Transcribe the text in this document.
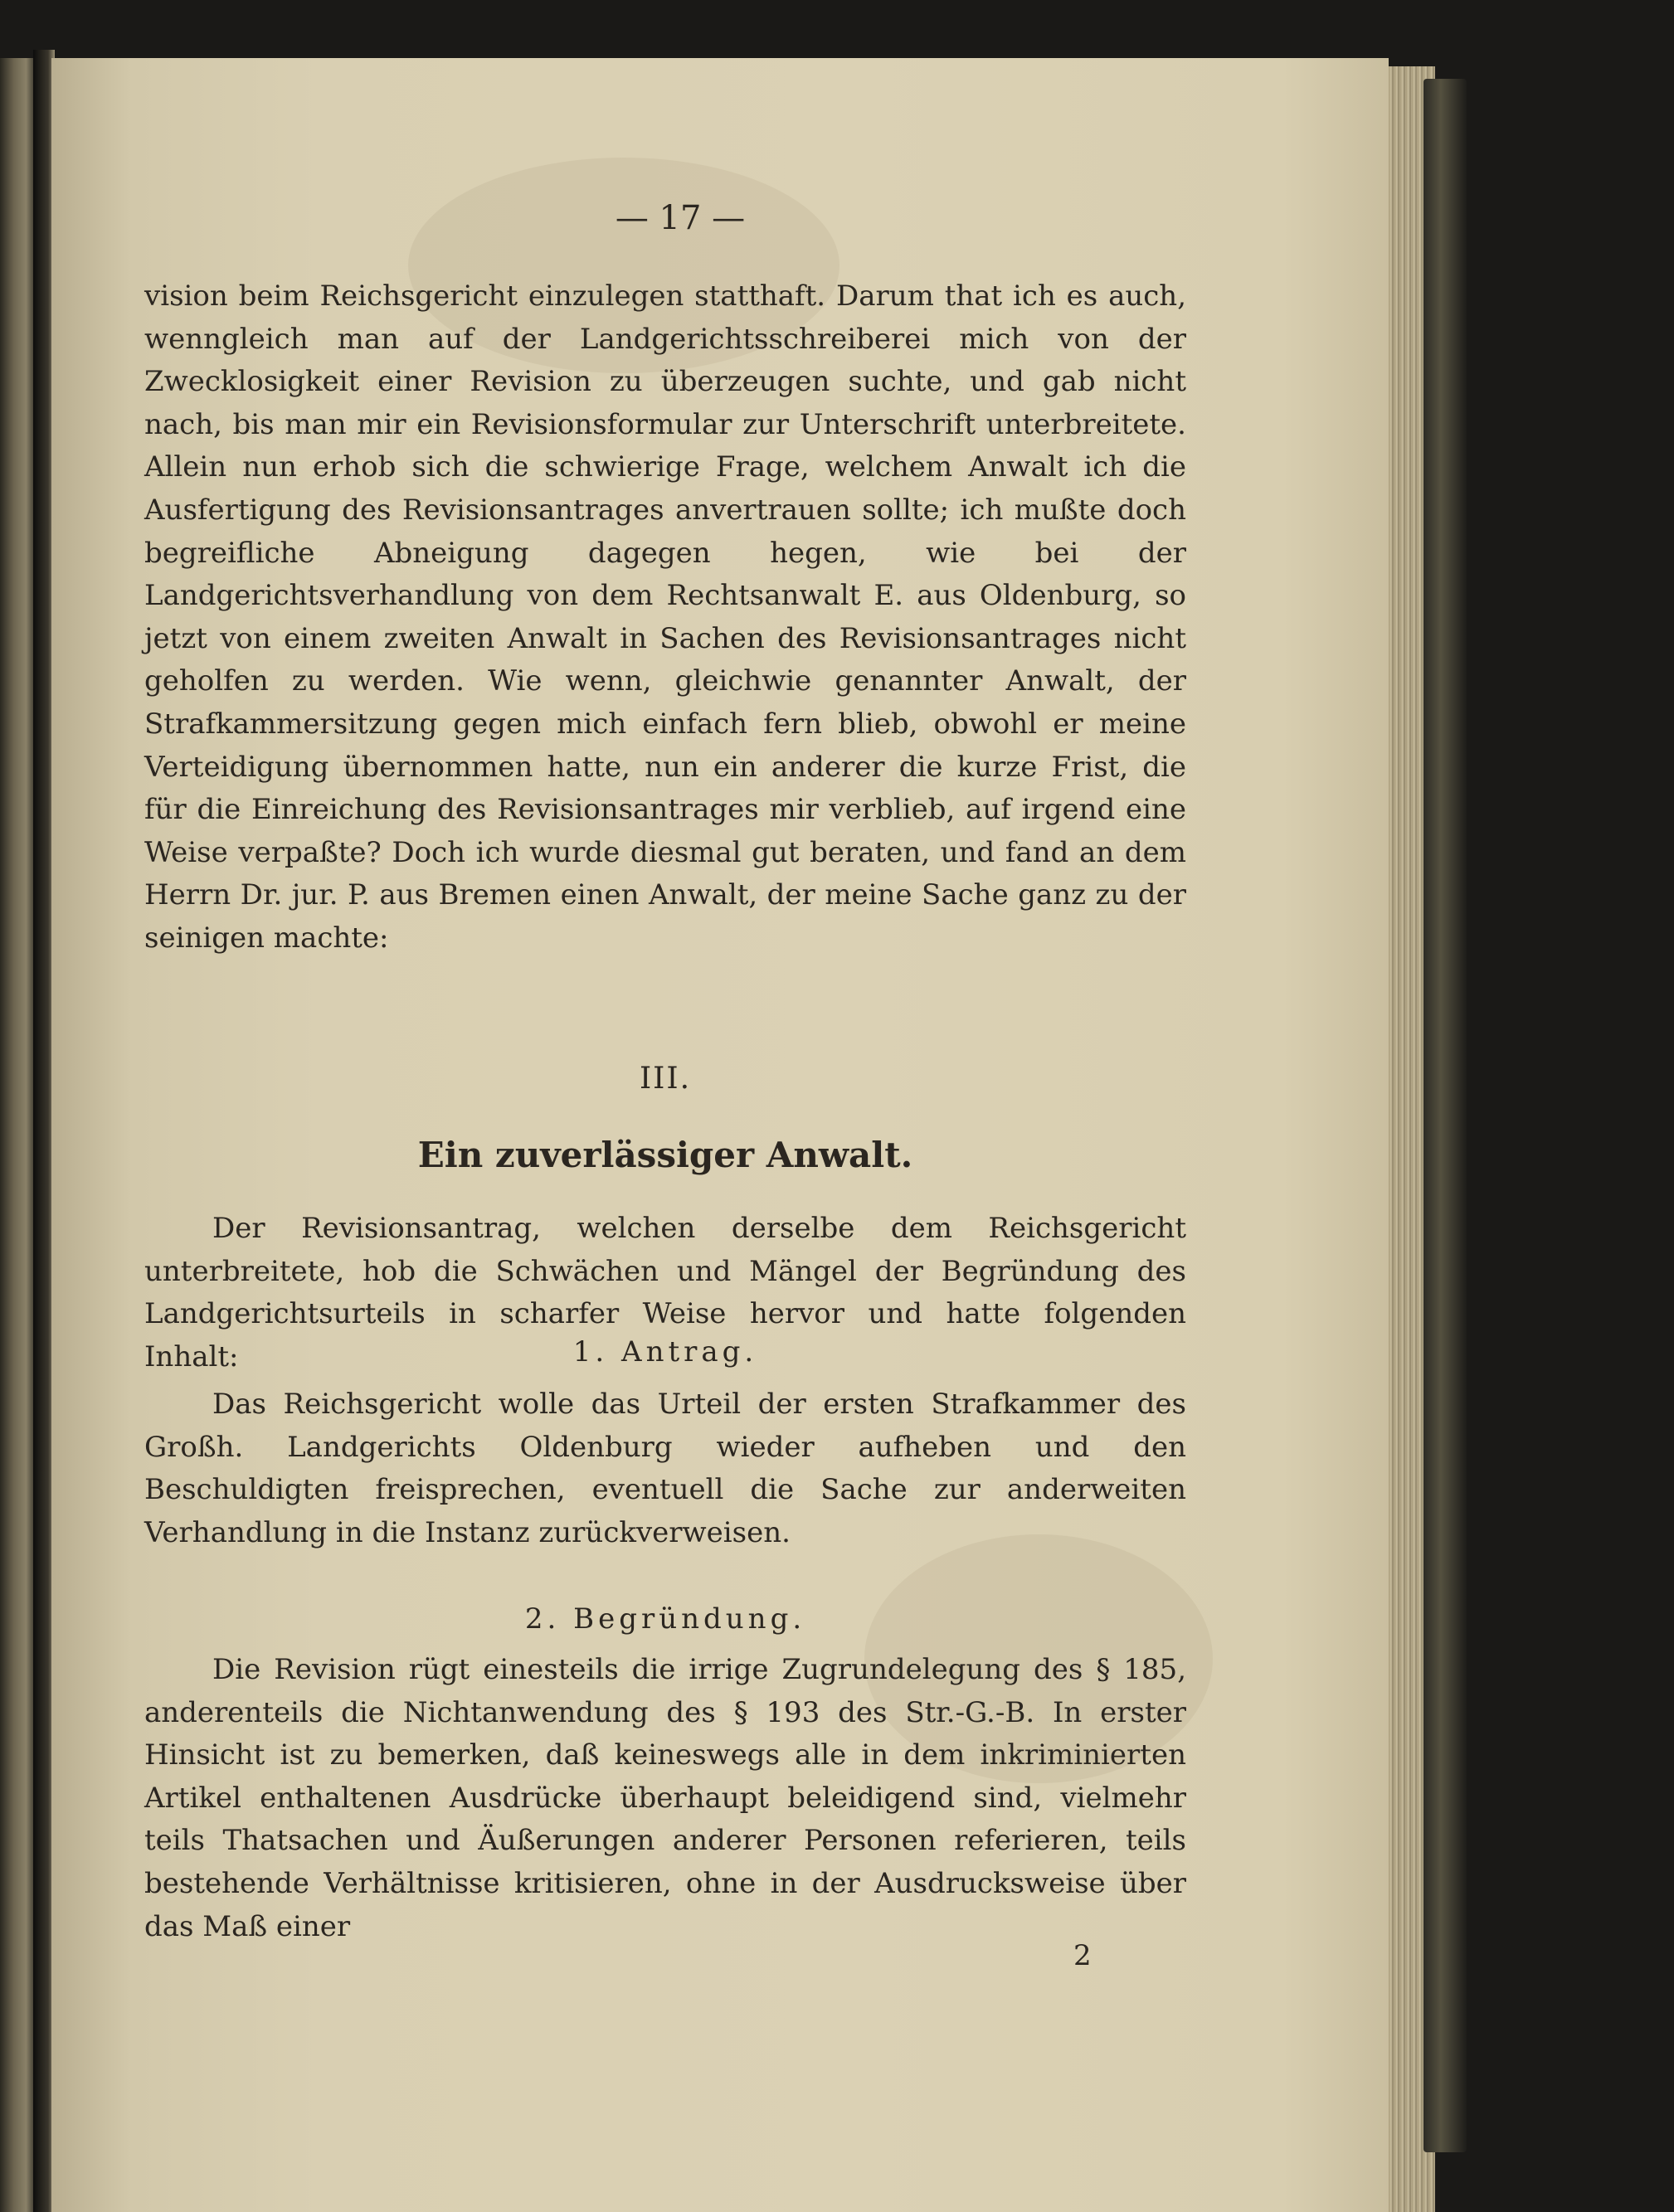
— 17 —

vision beim Reichsgericht einzulegen statthaft. Darum that ich es auch, wenngleich man auf der Landgerichtsschreiberei mich von der Zwecklosigkeit einer Revision zu überzeugen suchte, und gab nicht nach, bis man mir ein Revisionsformular zur Unterschrift unterbreitete. Allein nun erhob sich die schwierige Frage, welchem Anwalt ich die Ausfertigung des Revisionsantrages anvertrauen sollte; ich mußte doch begreifliche Abneigung dagegen hegen, wie bei der Landgerichtsverhandlung von dem Rechtsanwalt E. aus Oldenburg, so jetzt von einem zweiten Anwalt in Sachen des Revisionsantrages nicht geholfen zu werden. Wie wenn, gleichwie genannter Anwalt, der Strafkammersitzung gegen mich einfach fern blieb, obwohl er meine Verteidigung übernommen hatte, nun ein anderer die kurze Frist, die für die Einreichung des Revisionsantrages mir verblieb, auf irgend eine Weise verpaßte? Doch ich wurde diesmal gut beraten, und fand an dem Herrn Dr. jur. P. aus Bremen einen Anwalt, der meine Sache ganz zu der seinigen machte:

III.
Ein zuverlässiger Anwalt.

Der Revisionsantrag, welchen derselbe dem Reichsgericht unterbreitete, hob die Schwächen und Mängel der Begründung des Landgerichtsurteils in scharfer Weise hervor und hatte folgenden Inhalt:	1. Antrag.

Das Reichsgericht wolle das Urteil der ersten Strafkammer des Großh. Landgerichts Oldenburg wieder aufheben und den Beschuldigten freisprechen, eventuell die Sache zur anderweiten Verhandlung in die Instanz zurückverweisen.

2. Begründung.

Die Revision rügt einesteils die irrige Zugrundelegung des § 185, anderenteils die Nichtanwendung des § 193 des Str.-G.-B. In erster Hinsicht ist zu bemerken, daß keineswegs alle in dem inkriminierten Artikel enthaltenen Ausdrücke überhaupt beleidigend sind, vielmehr teils Thatsachen und Äußerungen anderer Personen referieren, teils bestehende Verhältnisse kritisieren, ohne in der Ausdrucksweise über das Maß einer

2
